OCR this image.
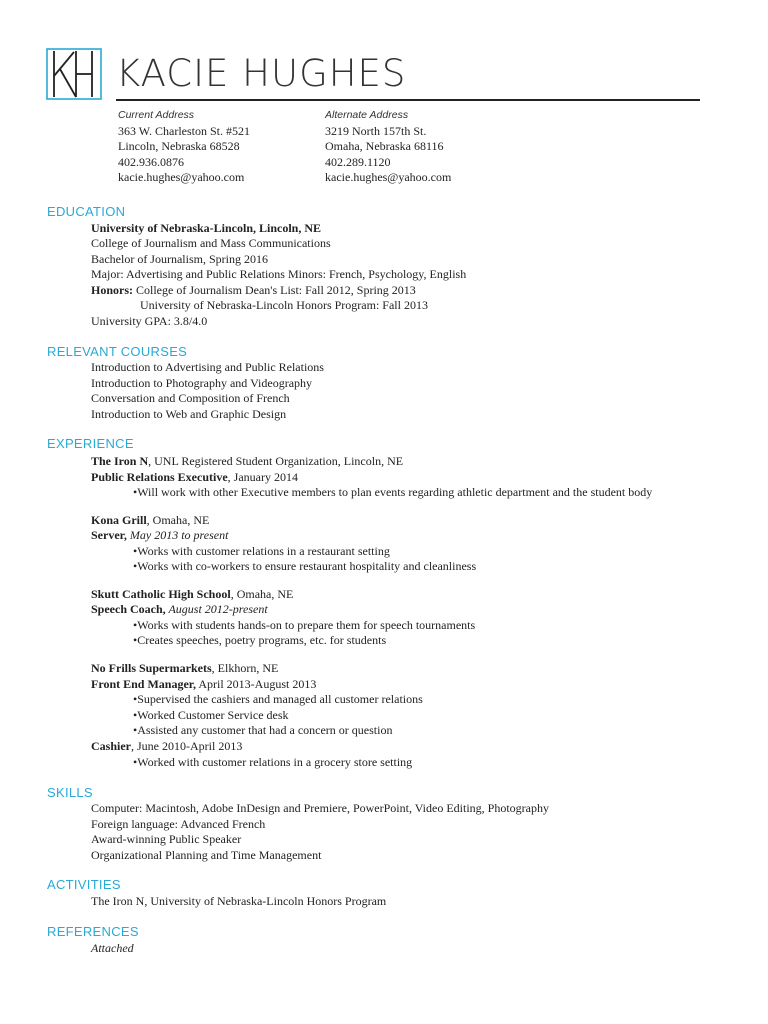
KACIE HUGHES
Current Address
363 W. Charleston St. #521
Lincoln, Nebraska 68528
402.936.0876
kacie.hughes@yahoo.com
Alternate Address
3219 North 157th St.
Omaha, Nebraska 68116
402.289.1120
kacie.hughes@yahoo.com
EDUCATION
University of Nebraska-Lincoln, Lincoln, NE
College of Journalism and Mass Communications
Bachelor of Journalism, Spring 2016
Major: Advertising and Public Relations Minors: French, Psychology, English
Honors: College of Journalism Dean's List: Fall 2012, Spring 2013
University of Nebraska-Lincoln Honors Program: Fall 2013
University GPA: 3.8/4.0
RELEVANT COURSES
Introduction to Advertising and Public Relations
Introduction to Photography and Videography
Conversation and Composition of French
Introduction to Web and Graphic Design
EXPERIENCE
The Iron N, UNL Registered Student Organization, Lincoln, NE
Public Relations Executive, January 2014
•Will work with other Executive members to plan events regarding athletic department and the student body
Kona Grill, Omaha, NE
Server, May 2013 to present
•Works with customer relations in a restaurant setting
•Works with co-workers to ensure restaurant hospitality and cleanliness
Skutt Catholic High School, Omaha, NE
Speech Coach, August 2012-present
•Works with students hands-on to prepare them for speech tournaments
•Creates speeches, poetry programs, etc. for students
No Frills Supermarkets, Elkhorn, NE
Front End Manager, April 2013-August 2013
•Supervised the cashiers and managed all customer relations
•Worked Customer Service desk
•Assisted any customer that had a concern or question
Cashier, June 2010-April 2013
•Worked with customer relations in a grocery store setting
SKILLS
Computer: Macintosh, Adobe InDesign and Premiere, PowerPoint, Video Editing, Photography
Foreign language: Advanced French
Award-winning Public Speaker
Organizational Planning and Time Management
ACTIVITIES
The Iron N, University of Nebraska-Lincoln Honors Program
REFERENCES
Attached
